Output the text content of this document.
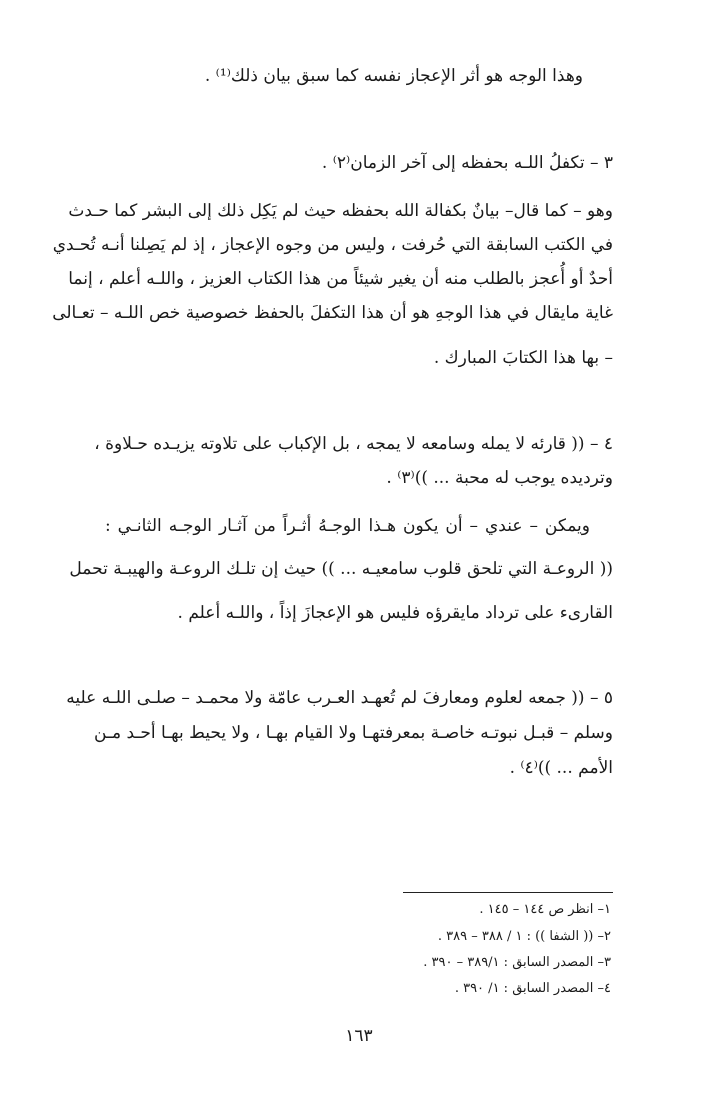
وهذا الوجه هو أثر الإعجاز نفسه كما سبق بيان ذلك⁽¹⁾ .
٣ – تكفلُ اللـه بحفظه إلى آخر الزمان⁽٢⁾ .
وهو – كما قال– بيانٌ بكفالة الله بحفظه حيث لم يَكِل ذلك إلى البشر كما حـدث
في الكتب السابقة التي حُرفت ، وليس من وجوه الإعجاز ، إذ لم يَصِلنا أنـه تُحـدي
أحدٌ أو أُعجز بالطلب منه أن يغير شيئاً من هذا الكتاب العزيز ، واللـه أعلم ، إنما
غاية مايقال في هذا الوجهِ هو أن هذا التكفلَ بالحفظ خصوصية خص اللـه – تعـالى
– بها هذا الكتابَ المبارك .
٤ – (( قارئه لا يمله وسامعه لا يمجه ، بل الإكباب على تلاوته يزيـده حـلاوة ،
وترديده يوجب له محبة ... ))⁽٣⁾ .
ويمكن – عندي – أن يكون هـذا الوجـهُ أثـراً من آثـار الوجـه الثانـي :
(( الروعـة التي تلحق قلوب سامعيـه ... )) حيث إن تلـك الروعـة والهيبـة تحمل
القارىء على ترداد مايقرؤه فليس هو الإعجازَ إذاً ، واللـه أعلم .
٥ – (( جمعه لعلوم ومعارفَ لم تُعهـد العـرب عامّة ولا محمـد – صلـى اللـه عليه
وسلم – قبـل نبوتـه خاصـة بمعرفتهـا ولا القيام بهـا ، ولا يحيط بهـا أحـد مـن
الأمم ... ))⁽٤⁾ .
١– انظر ص ١٤٤ – ١٤٥ .
٢– (( الشفا )) : ١ / ٣٨٨ – ٣٨٩ .
٣– المصدر السابق : ٣٨٩/١ – ٣٩٠ .
٤– المصدر السابق : ١/ ٣٩٠ .
١٦٣
